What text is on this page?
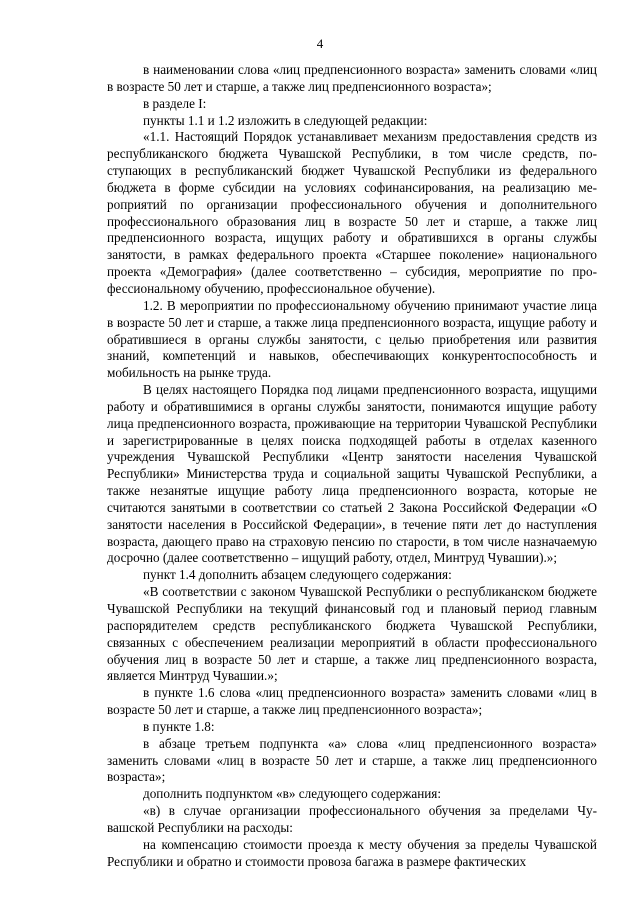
4

в наименовании слова «лиц предпенсионного возраста» заменить словами «лиц в возрасте 50 лет и старше, а также лиц предпенсионного возраста»;

в разделе I:

пункты 1.1 и 1.2 изложить в следующей редакции:

«1.1. Настоящий Порядок устанавливает механизм предоставления средств из республиканского бюджета Чувашской Республики, в том числе средств, поступающих в республиканский бюджет Чувашской Республики из федерального бюджета в форме субсидии на условиях софинансирования, на реализацию мероприятий по организации профессионального обучения и дополнительного профессионального образования лиц в возрасте 50 лет и старше, а также лиц предпенсионного возраста, ищущих работу и обратившихся в органы службы занятости, в рамках федерального проекта «Старшее поколение» национального проекта «Демография» (далее соответственно – субсидия, мероприятие по профессиональному обучению, профессиональное обучение).

1.2. В мероприятии по профессиональному обучению принимают участие лица в возрасте 50 лет и старше, а также лица предпенсионного возраста, ищущие работу и обратившиеся в органы службы занятости, с целью приобретения или развития знаний, компетенций и навыков, обеспечивающих конкурентоспособность и мобильность на рынке труда.

В целях настоящего Порядка под лицами предпенсионного возраста, ищущими работу и обратившимися в органы службы занятости, понимаются ищущие работу лица предпенсионного возраста, проживающие на территории Чувашской Республики и зарегистрированные в целях поиска подходящей работы в отделах казенного учреждения Чувашской Республики «Центр занятости населения Чувашской Республики» Министерства труда и социальной защиты Чувашской Республики, а также незанятые ищущие работу лица предпенсионного возраста, которые не считаются занятыми в соответствии со статьей 2 Закона Российской Федерации «О занятости населения в Российской Федерации», в течение пяти лет до наступления возраста, дающего право на страховую пенсию по старости, в том числе назначаемую досрочно (далее соответственно – ищущий работу, отдел, Минтруд Чувашии).»;

пункт 1.4 дополнить абзацем следующего содержания:

«В соответствии с законом Чувашской Республики о республиканском бюджете Чувашской Республики на текущий финансовый год и плановый период главным распорядителем средств республиканского бюджета Чувашской Республики, связанных с обеспечением реализации мероприятий в области профессионального обучения лиц в возрасте 50 лет и старше, а также лиц предпенсионного возраста, является Минтруд Чувашии.»;

в пункте 1.6 слова «лиц предпенсионного возраста» заменить словами «лиц в возрасте 50 лет и старше, а также лиц предпенсионного возраста»;

в пункте 1.8:

в абзаце третьем подпункта «а» слова «лиц предпенсионного возраста» заменить словами «лиц в возрасте 50 лет и старше, а также лиц предпенсионного возраста»;

дополнить подпунктом «в» следующего содержания:

«в) в случае организации профессионального обучения за пределами Чувашской Республики на расходы:

на компенсацию стоимости проезда к месту обучения за пределы Чувашской Республики и обратно и стоимости провоза багажа в размере фактических
